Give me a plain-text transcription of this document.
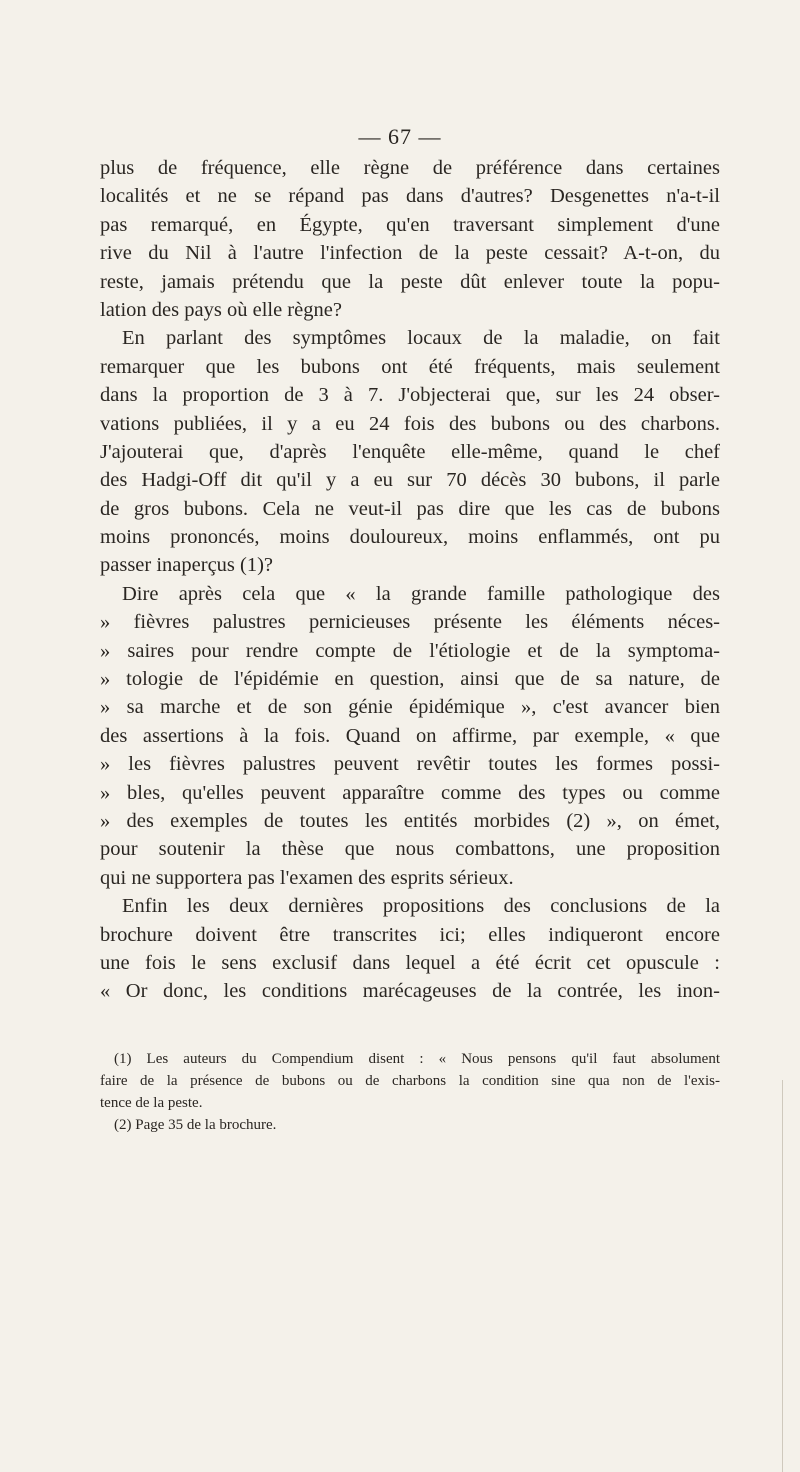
— 67 —
plus de fréquence, elle règne de préférence dans certaines
localités et ne se répand pas dans d'autres? Desgenettes n'a-t-il
pas remarqué, en Égypte, qu'en traversant simplement d'une
rive du Nil à l'autre l'infection de la peste cessait? A-t-on, du
reste, jamais prétendu que la peste dût enlever toute la popu-
lation des pays où elle règne?
En parlant des symptômes locaux de la maladie, on fait
remarquer que les bubons ont été fréquents, mais seulement
dans la proportion de 3 à 7. J'objecterai que, sur les 24 obser-
vations publiées, il y a eu 24 fois des bubons ou des charbons.
J'ajouterai que, d'après l'enquête elle-même, quand le chef
des Hadgi-Off dit qu'il y a eu sur 70 décès 30 bubons, il parle
de gros bubons. Cela ne veut-il pas dire que les cas de bubons
moins prononcés, moins douloureux, moins enflammés, ont pu
passer inaperçus (1)?
Dire après cela que « la grande famille pathologique des
» fièvres palustres pernicieuses présente les éléments néces-
» saires pour rendre compte de l'étiologie et de la symptoma-
» tologie de l'épidémie en question, ainsi que de sa nature, de
» sa marche et de son génie épidémique », c'est avancer bien
des assertions à la fois. Quand on affirme, par exemple, « que
» les fièvres palustres peuvent revêtir toutes les formes possi-
» bles, qu'elles peuvent apparaître comme des types ou comme
» des exemples de toutes les entités morbides (2) », on émet,
pour soutenir la thèse que nous combattons, une proposition
qui ne supportera pas l'examen des esprits sérieux.
Enfin les deux dernières propositions des conclusions de la
brochure doivent être transcrites ici; elles indiqueront encore
une fois le sens exclusif dans lequel a été écrit cet opuscule :
« Or donc, les conditions marécageuses de la contrée, les inon-
(1) Les auteurs du Compendium disent : « Nous pensons qu'il faut absolument
faire de la présence de bubons ou de charbons la condition sine qua non de l'exis-
tence de la peste.
(2) Page 35 de la brochure.
